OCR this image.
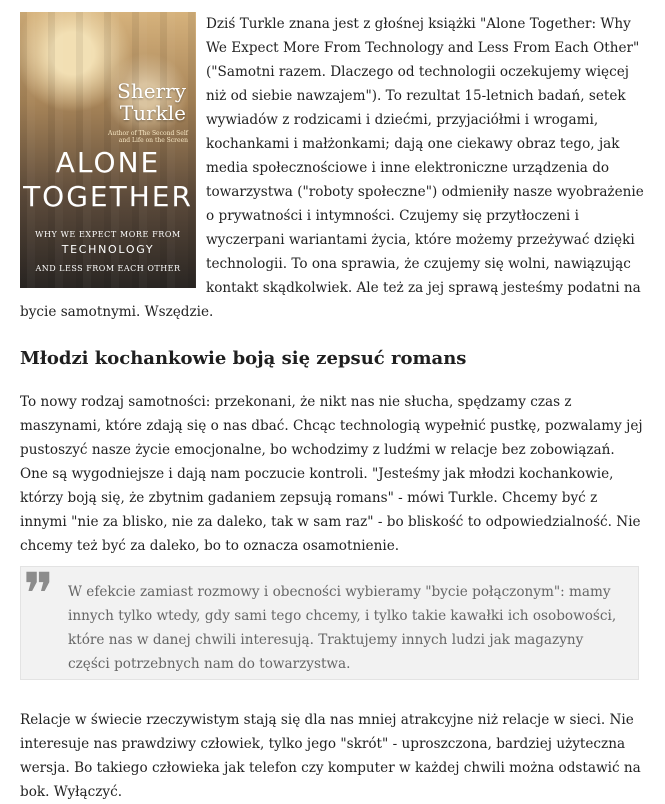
Sherry
Turkle
Author of The Second Self and Life on the Screen
ALONE
TOGETHER
WHY WE EXPECT MORE FROM
TECHNOLOGY
AND LESS FROM EACH OTHER

Dziś Turkle znana jest z głośnej książki "Alone Together: Why We Expect More From Technology and Less From Each Other" ("Samotni razem. Dlaczego od technologii oczekujemy więcej niż od siebie nawzajem"). To rezultat 15-letnich badań, setek wywiadów z rodzicami i dziećmi, przyjaciółmi i wrogami, kochankami i małżonkami; dają one ciekawy obraz tego, jak media społecznościowe i inne elektroniczne urządzenia do towarzystwa ("roboty społeczne") odmieniły nasze wyobrażenie o prywatności i intymności. Czujemy się przytłoczeni i wyczerpani wariantami życia, które możemy przeżywać dzięki technologii. To ona sprawia, że czujemy się wolni, nawiązując kontakt skądkolwiek. Ale też za jej sprawą jesteśmy podatni na bycie samotnymi. Wszędzie.

Młodzi kochankowie boją się zepsuć romans

To nowy rodzaj samotności: przekonani, że nikt nas nie słucha, spędzamy czas z maszynami, które zdają się o nas dbać. Chcąc technologią wypełnić pustkę, pozwalamy jej pustoszyć nasze życie emocjonalne, bo wchodzimy z ludźmi w relacje bez zobowiązań. One są wygodniejsze i dają nam poczucie kontroli. "Jesteśmy jak młodzi kochankowie, którzy boją się, że zbytnim gadaniem zepsują romans" - mówi Turkle. Chcemy być z innymi "nie za blisko, nie za daleko, tak w sam raz" - bo bliskość to odpowiedzialność. Nie chcemy też być za daleko, bo to oznacza osamotnienie.

❞ W efekcie zamiast rozmowy i obecności wybieramy "bycie połączonym": mamy innych tylko wtedy, gdy sami tego chcemy, i tylko takie kawałki ich osobowości, które nas w danej chwili interesują. Traktujemy innych ludzi jak magazyny części potrzebnych nam do towarzystwa.

Relacje w świecie rzeczywistym stają się dla nas mniej atrakcyjne niż relacje w sieci. Nie interesuje nas prawdziwy człowiek, tylko jego "skrót" - uproszczona, bardziej użyteczna wersja. Bo takiego człowieka jak telefon czy komputer w każdej chwili można odstawić na bok. Wyłączyć.
